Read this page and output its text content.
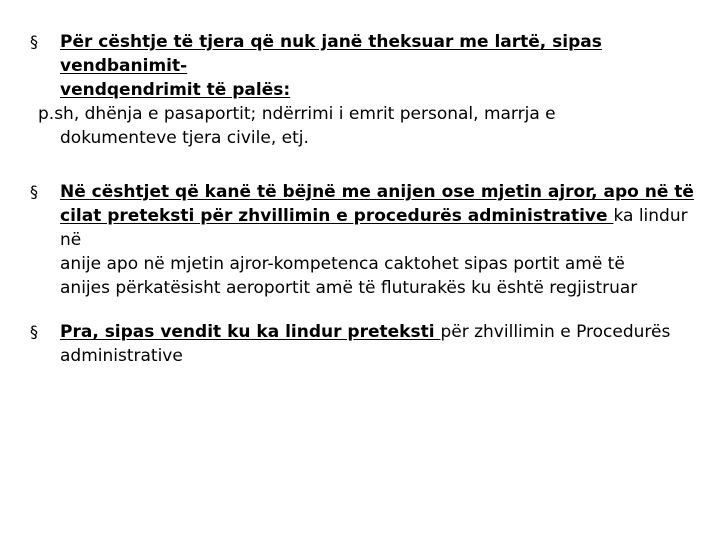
§ Për cështje të tjera që nuk janë theksuar me lartë, sipas vendbanimit-
vendqendrimit të palës:
p.sh, dhënja e pasaportit; ndërrimi i emrit personal, marrja e
dokumenteve tjera civile, etj.

§ Në cështjet që kanë të bëjnë me anijen ose mjetin ajror, apo në të
cilat preteksti për zhvillimin e procedurës administrative ka lindur në
anije apo në mjetin ajror-kompetenca caktohet sipas portit amë të
anijes përkatësisht aeroportit amë të fluturakës ku është regjistruar

§ Pra, sipas vendit ku ka lindur preteksti për zhvillimin e Procedurës
administrative
